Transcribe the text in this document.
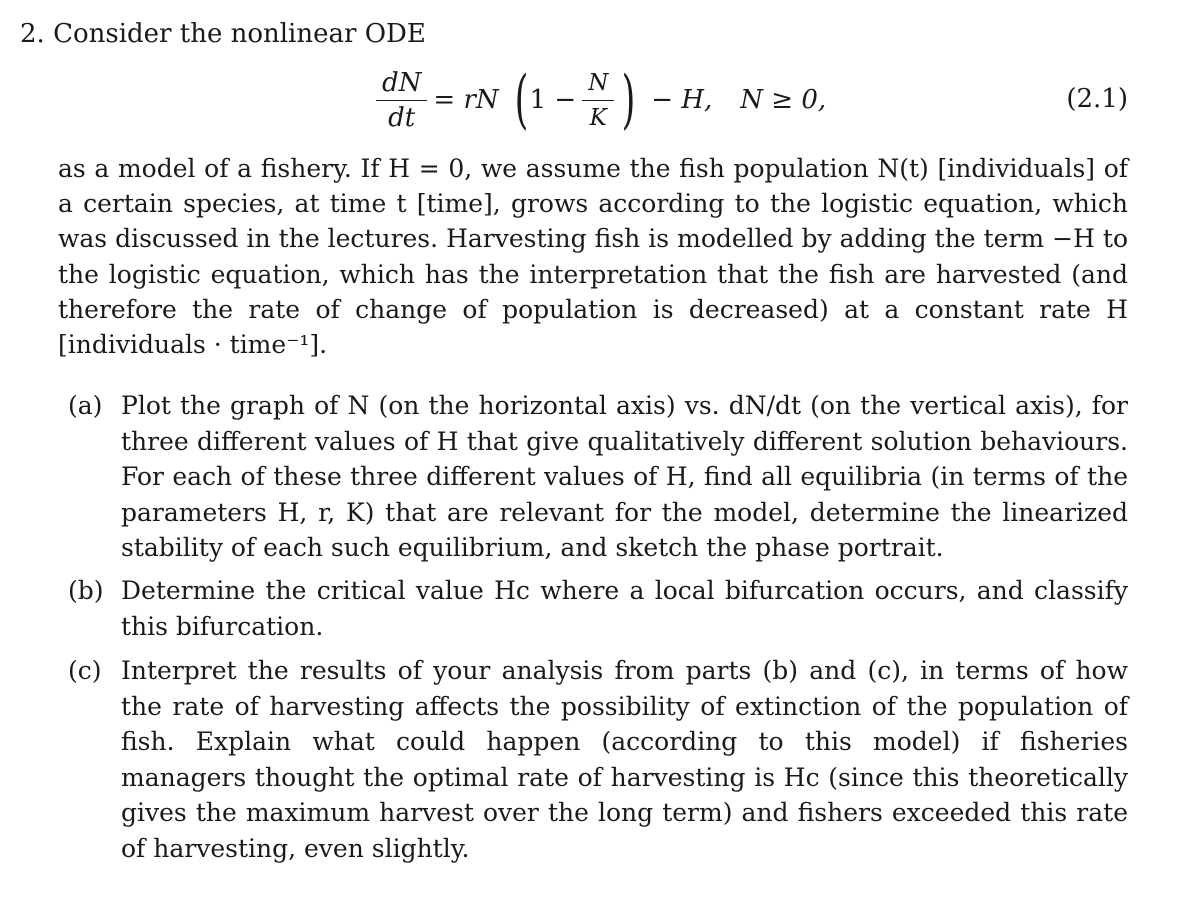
2. Consider the nonlinear ODE
$\frac{dN}{dt}$ = rN ( $1 - \frac{N}{K}$ ) − H, N ≥ 0,	(2.1)
as a model of a fishery. If H = 0, we assume the fish population N(t) [individuals] of a certain species, at time t [time], grows according to the logistic equation, which was discussed in the lectures. Harvesting fish is modelled by adding the term −H to the logistic equation, which has the interpretation that the fish are harvested (and therefore the rate of change of population is decreased) at a constant rate H [individuals · time⁻¹].
(a) Plot the graph of N (on the horizontal axis) vs. dN/dt (on the vertical axis), for three different values of H that give qualitatively different solution behaviours. For each of these three different values of H, find all equilibria (in terms of the parameters H, r, K) that are relevant for the model, determine the linearized stability of each such equilibrium, and sketch the phase portrait.
(b) Determine the critical value Hc where a local bifurcation occurs, and classify this bifurcation.
(c) Interpret the results of your analysis from parts (b) and (c), in terms of how the rate of harvesting affects the possibility of extinction of the population of fish. Explain what could happen (according to this model) if fisheries managers thought the optimal rate of harvesting is Hc (since this theoretically gives the maximum harvest over the long term) and fishers exceeded this rate of harvesting, even slightly.
